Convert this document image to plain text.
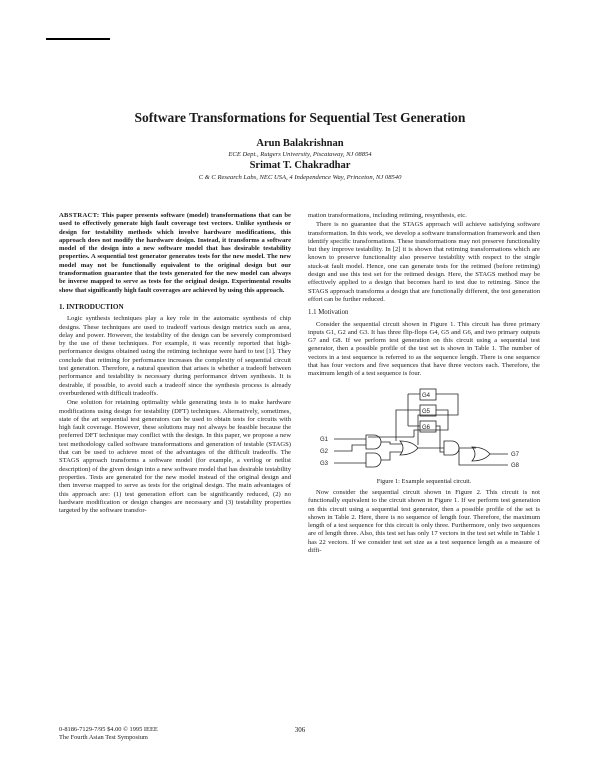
Software Transformations for Sequential Test Generation
Arun Balakrishnan
ECE Dept., Rutgers University, Piscataway, NJ 08854
Srimat T. Chakradhar
C & C Research Labs, NEC USA, 4 Independence Way, Princeton, NJ 08540

ABSTRACT: This paper presents software (model) transformations that can be used to effectively generate high fault coverage test vectors. Unlike synthesis or design for testability methods which involve hardware modifications, this approach does not modify the hardware design. Instead, it transforms a software model of the design into a new software model that has desirable testability properties. A sequential test generator generates tests for the new model. The new model may not be functionally equivalent to the original design but our transformation guarantee that the tests generated for the new model can always be inverse mapped to serve as tests for the original design. Experimental results show that significantly high fault coverages are achieved by using this approach.

1. INTRODUCTION

Logic synthesis techniques play a key role in the automatic synthesis of chip designs. These techniques are used to tradeoff various design metrics such as area, delay and power. However, the testability of the design can be severely compromised by the use of these techniques. For example, it was recently reported that high-performance designs obtained using the retiming technique were hard to test [1]. They conclude that retiming for performance increases the complexity of sequential circuit test generation. Therefore, a natural question that arises is whether a tradeoff between performance and testability is necessary during performance driven synthesis. It is desirable, if possible, to avoid such a tradeoff since the synthesis process is already overburdened with difficult tradeoffs.

One solution for retaining optimality while generating tests is to make hardware modifications using design for testability (DFT) techniques. Alternatively, sometimes, state of the art sequential test generators can be used to obtain tests for circuits with high fault coverage. However, these solutions may not always be feasible because the preferred DFT technique may conflict with the design. In this paper, we propose a new test methodology called software transformations and generation of testable (STAGS) that can be used to achieve most of the advantages of the difficult tradeoffs. The STAGS approach transforms a software model (for example, a verilog or netlist description) of the given design into a new software model that has desirable testability properties. Tests are generated for the new model instead of the original design and then inverse mapped to serve as tests for the original design. The main advantages of this approach are: (1) test generation effort can be significantly reduced, (2) no hardware modification or design changes are necessary and (3) testability properties targeted by the software transfor-

mation transformations, including retiming, resynthesis, etc.

There is no guarantee that the STAGS approach will achieve satisfying software transformation. In this work, we develop a software transformation framework and then identify specific transformations. These transformations may not preserve functionality but they improve testability. In [2] it is shown that retiming transformations which are known to preserve functionality also preserve testability with respect to the single stuck-at fault model. Hence, one can generate tests for the retimed (before retiming) design and use this test set for the retimed design. Here, the STAGS method may be effectively applied to a design that becomes hard to test due to retiming. Since the STAGS approach transforms a design that are functionally different, the test generation effort can be further reduced.

1.1 Motivation

Consider the sequential circuit shown in Figure 1. This circuit has three primary inputs G1, G2 and G3. It has three flip-flops G4, G5 and G6, and two primary outputs G7 and G8. If we perform test generation on this circuit using a sequential test generator, then a possible profile of the test set is shown in Table 1. The number of vectors in a test sequence is referred to as the sequence length. There is one sequence that has four vectors and five sequences that have three vectors each. Therefore, the maximum length of a test sequence is four.

G1
G2
G3
G4
G5
G6
G7
G8
Figure 1: Example sequential circuit.

Now consider the sequential circuit shown in Figure 2. This circuit is not functionally equivalent to the circuit shown in Figure 1. If we perform test generation on this circuit using a sequential test generator, then a possible profile of the set is shown in Table 2. Here, there is no sequence of length four. Therefore, the maximum length of a test sequence for this circuit is only three. Furthermore, only two sequences are of length three. Also, this test set has only 17 vectors in the test set while in Table 1 has 22 vectors. If we consider test set size as a test sequence length as a measure of diffi-

0-8186-7129-7/95 $4.00 © 1995 IEEE
The Fourth Asian Test Symposium
306
